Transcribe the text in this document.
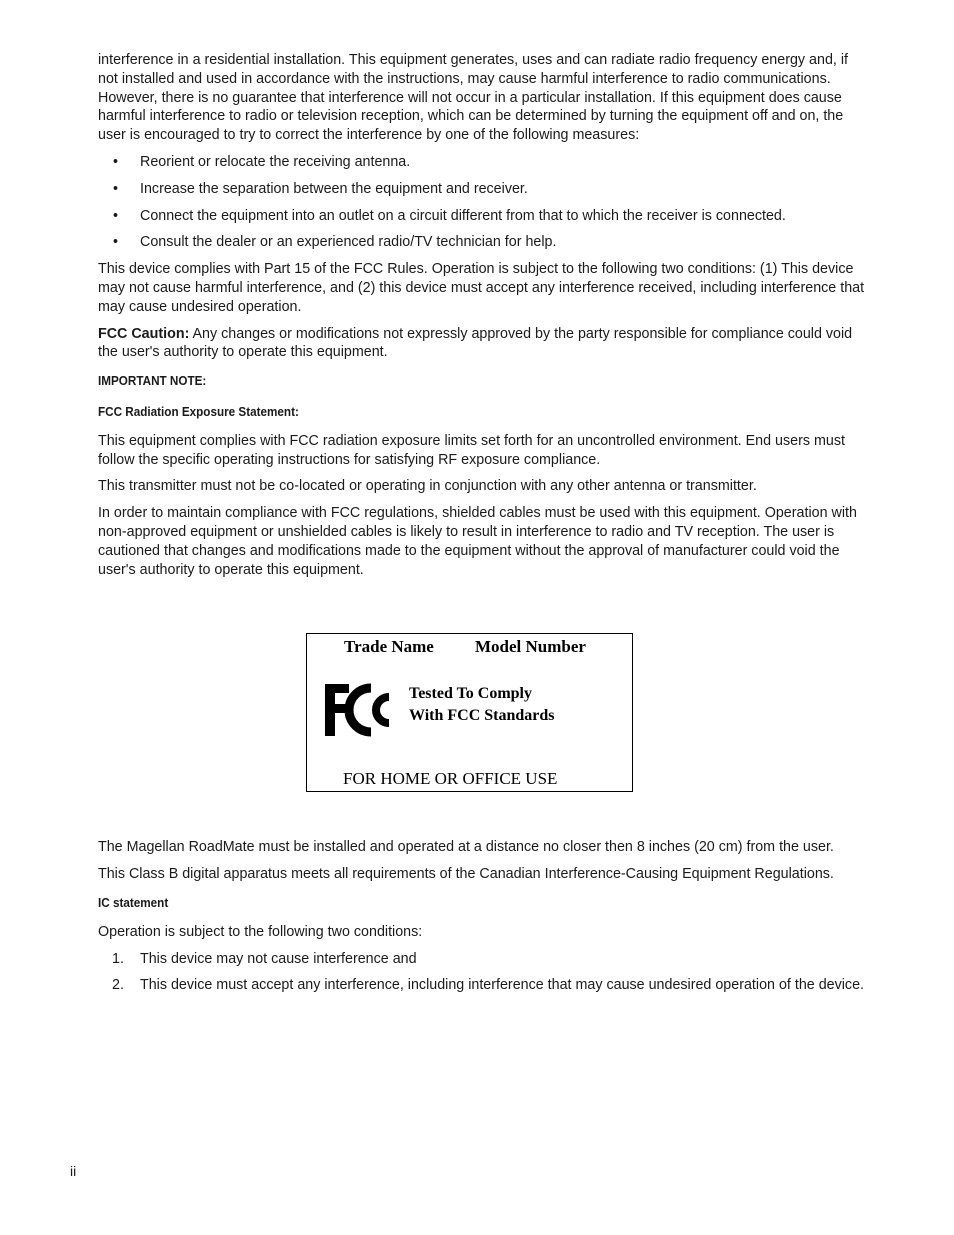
interference in a residential installation. This equipment generates, uses and can radiate radio frequency energy and, if not installed and used in accordance with the instructions, may cause harmful interference to radio communications. However, there is no guarantee that interference will not occur in a particular installation. If this equipment does cause harmful interference to radio or television reception, which can be determined by turning the equipment off and on, the user is encouraged to try to correct the interference by one of the following measures:

• Reorient or relocate the receiving antenna.
• Increase the separation between the equipment and receiver.
• Connect the equipment into an outlet on a circuit different from that to which the receiver is connected.
• Consult the dealer or an experienced radio/TV technician for help.

This device complies with Part 15 of the FCC Rules. Operation is subject to the following two conditions: (1) This device may not cause harmful interference, and (2) this device must accept any interference received, including interference that may cause undesired operation.

FCC Caution: Any changes or modifications not expressly approved by the party responsible for compliance could void the user's authority to operate this equipment.

IMPORTANT NOTE:
FCC Radiation Exposure Statement:

This equipment complies with FCC radiation exposure limits set forth for an uncontrolled environment. End users must follow the specific operating instructions for satisfying RF exposure compliance.

This transmitter must not be co-located or operating in conjunction with any other antenna or transmitter.

In order to maintain compliance with FCC regulations, shielded cables must be used with this equipment. Operation with non-approved equipment or unshielded cables is likely to result in interference to radio and TV reception. The user is cautioned that changes and modifications made to the equipment without the approval of manufacturer could void the user's authority to operate this equipment.

Trade Name Model Number
Tested To Comply
With FCC Standards
FOR HOME OR OFFICE USE

The Magellan RoadMate must be installed and operated at a distance no closer then 8 inches (20 cm) from the user.

This Class B digital apparatus meets all requirements of the Canadian Interference-Causing Equipment Regulations.

IC statement

Operation is subject to the following two conditions:

1. This device may not cause interference and
2. This device must accept any interference, including interference that may cause undesired operation of the device.
ii
